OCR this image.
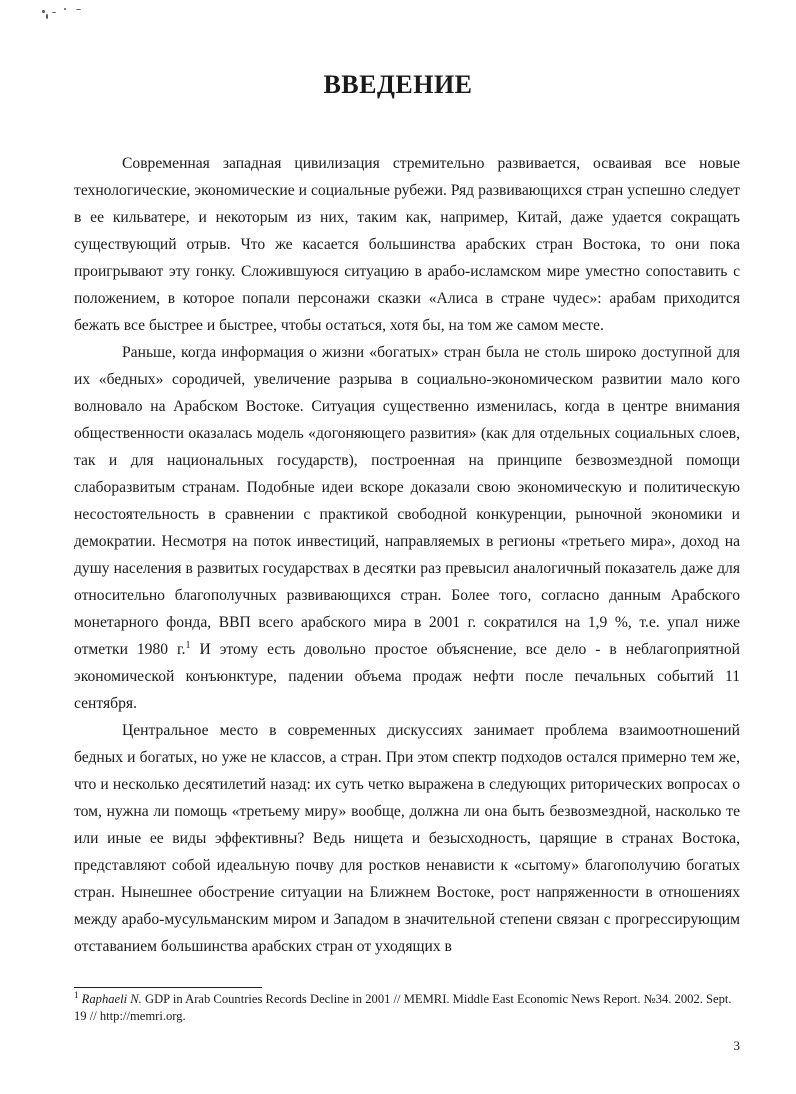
ВВЕДЕНИЕ

Современная западная цивилизация стремительно развивается, осваивая все новые технологические, экономические и социальные рубежи. Ряд развивающихся стран успешно следует в ее кильватере, и некоторым из них, таким как, например, Китай, даже удается сокращать существующий отрыв. Что же касается большинства арабских стран Востока, то они пока проигрывают эту гонку. Сложившуюся ситуацию в арабо-исламском мире уместно сопоставить с положением, в которое попали персонажи сказки «Алиса в стране чудес»: арабам приходится бежать все быстрее и быстрее, чтобы остаться, хотя бы, на том же самом месте.

Раньше, когда информация о жизни «богатых» стран была не столь широко доступной для их «бедных» сородичей, увеличение разрыва в социально-экономическом развитии мало кого волновало на Арабском Востоке. Ситуация существенно изменилась, когда в центре внимания общественности оказалась модель «догоняющего развития» (как для отдельных социальных слоев, так и для национальных государств), построенная на принципе безвозмездной помощи слаборазвитым странам. Подобные идеи вскоре доказали свою экономическую и политическую несостоятельность в сравнении с практикой свободной конкуренции, рыночной экономики и демократии. Несмотря на поток инвестиций, направляемых в регионы «третьего мира», доход на душу населения в развитых государствах в десятки раз превысил аналогичный показатель даже для относительно благополучных развивающихся стран. Более того, согласно данным Арабского монетарного фонда, ВВП всего арабского мира в 2001 г. сократился на 1,9 %, т.е. упал ниже отметки 1980 г.$^1$ И этому есть довольно простое объяснение, все дело - в неблагоприятной экономической конъюнктуре, падении объема продаж нефти после печальных событий 11 сентября.

Центральное место в современных дискуссиях занимает проблема взаимоотношений бедных и богатых, но уже не классов, а стран. При этом спектр подходов остался примерно тем же, что и несколько десятилетий назад: их суть четко выражена в следующих риторических вопросах о том, нужна ли помощь «третьему миру» вообще, должна ли она быть безвозмездной, насколько те или иные ее виды эффективны? Ведь нищета и безысходность, царящие в странах Востока, представляют собой идеальную почву для ростков ненависти к «сытому» благополучию богатых стран. Нынешнее обострение ситуации на Ближнем Востоке, рост напряженности в отношениях между арабо-мусульманским миром и Западом в значительной степени связан с прогрессирующим отставанием большинства арабских стран от уходящих в

$^1$ Raphaeli N. GDP in Arab Countries Records Decline in 2001 // MEMRI. Middle East Economic News Report. №34. 2002. Sept. 19 // http://memri.org.

3
